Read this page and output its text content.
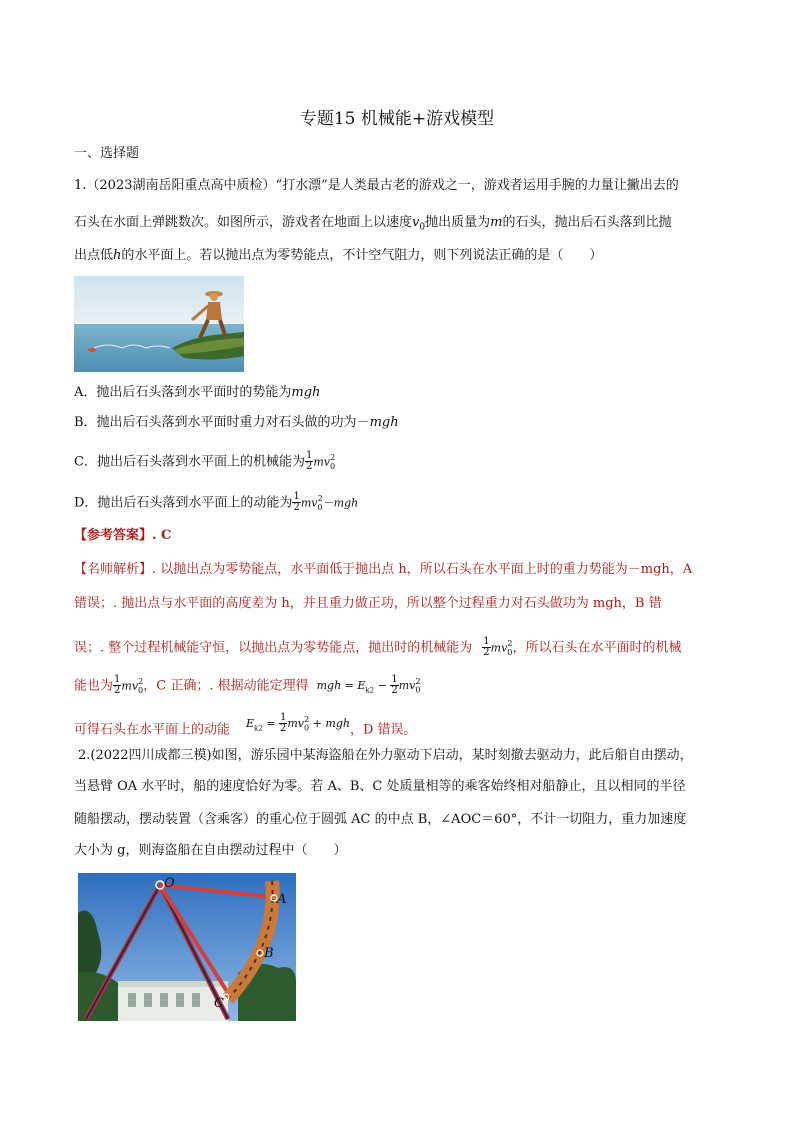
专题15 机械能+游戏模型
一、选择题
1.（2023湖南岳阳重点高中质检）“打水漂”是人类最古老的游戏之一，游戏者运用手腕的力量让撇出去的
石头在水面上弹跳数次。如图所示，游戏者在地面上以速度$v_0$抛出质量为m的石头，抛出后石头落到比抛
出点低h的水平面上。若以抛出点为零势能点，不计空气阻力，则下列说法正确的是（　　）
A．抛出后石头落到水平面时的势能为mgh
B．抛出后石头落到水平面时重力对石头做的功为－mgh
C．抛出后石头落到水平面上的机械能为 $\frac{1}{2} mv_0^2$
D．抛出后石头落到水平面上的动能为 $\frac{1}{2} mv_0^2-mgh$
【参考答案】. C
【名师解析】. 以抛出点为零势能点，水平面低于抛出点 h，所以石头在水平面上时的重力势能为－mgh，A
错误；. 抛出点与水平面的高度差为 h，并且重力做正功，所以整个过程重力对石头做功为 mgh，B 错
误；. 整个过程机械能守恒，以抛出点为零势能点，抛出时的机械能为 $\frac{1}{2} mv_0^2$，所以石头在水平面时的机械
能也为 $\frac{1}{2} mv_0^2$，C 正确；. 根据动能定理得 mgh = $E_{k2} - \frac{1}{2} mv_0^2$
可得石头在水平面上的动能 $E_{k2} = \frac{1}{2} mv_0^2$ + mgh，D 错误。
2.(2022四川成都三模)如图，游乐园中某海盗船在外力驱动下启动，某时刻撤去驱动力，此后船自由摆动，
当悬臂 OA 水平时，船的速度恰好为零。若 A、B、C 处质量相等的乘客始终相对船静止，且以相同的半径
随船摆动，摆动装置（含乘客）的重心位于圆弧 AC 的中点 B，∠AOC＝60°，不计一切阻力，重力加速度
大小为 g，则海盗船在自由摆动过程中（　　）
O
A
B
C
